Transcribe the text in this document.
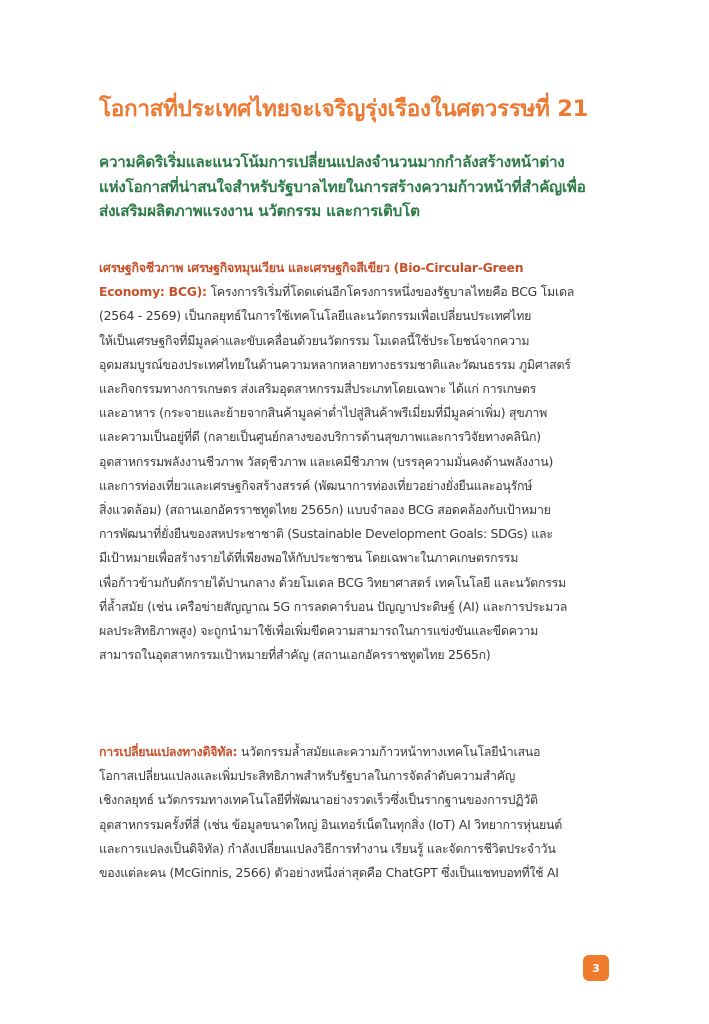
โอกาสที่ประเทศไทยจะเจริญรุ่งเรืองในศตวรรษที่ 21
ความคิดริเริ่มและแนวโน้มการเปลี่ยนแปลงจำนวนมากกำลังสร้างหน้าต่าง
แห่งโอกาสที่น่าสนใจสำหรับรัฐบาลไทยในการสร้างความก้าวหน้าที่สำคัญเพื่อ
ส่งเสริมผลิตภาพแรงงาน นวัตกรรม และการเติบโต
เศรษฐกิจชีวภาพ เศรษฐกิจหมุนเวียน และเศรษฐกิจสีเขียว (Bio-Circular-Green
Economy: BCG): โครงการริเริ่มที่โดดเด่นอีกโครงการหนึ่งของรัฐบาลไทยคือ BCG โมเดล
(2564 - 2569) เป็นกลยุทธ์ในการใช้เทคโนโลยีและนวัตกรรมเพื่อเปลี่ยนประเทศไทย
ให้เป็นเศรษฐกิจที่มีมูลค่าและขับเคลื่อนด้วยนวัตกรรม โมเดลนี้ใช้ประโยชน์จากความ
อุดมสมบูรณ์ของประเทศไทยในด้านความหลากหลายทางธรรมชาติและวัฒนธรรม ภูมิศาสตร์
และกิจกรรมทางการเกษตร ส่งเสริมอุตสาหกรรมสี่ประเภทโดยเฉพาะ ได้แก่ การเกษตร
และอาหาร (กระจายและย้ายจากสินค้ามูลค่าต่ำไปสู่สินค้าพรีเมี่ยมที่มีมูลค่าเพิ่ม) สุขภาพ
และความเป็นอยู่ที่ดี (กลายเป็นศูนย์กลางของบริการด้านสุขภาพและการวิจัยทางคลินิก)
อุตสาหกรรมพลังงานชีวภาพ วัสดุชีวภาพ และเคมีชีวภาพ (บรรลุความมั่นคงด้านพลังงาน)
และการท่องเที่ยวและเศรษฐกิจสร้างสรรค์ (พัฒนาการท่องเที่ยวอย่างยั่งยืนและอนุรักษ์
สิ่งแวดล้อม) (สถานเอกอัครราชทูตไทย 2565ก) แบบจำลอง BCG สอดคล้องกับเป้าหมาย
การพัฒนาที่ยั่งยืนของสหประชาชาติ (Sustainable Development Goals: SDGs) และ
มีเป้าหมายเพื่อสร้างรายได้ที่เพียงพอให้กับประชาชน โดยเฉพาะในภาคเกษตรกรรม
เพื่อก้าวข้ามกับดักรายได้ปานกลาง ด้วยโมเดล BCG วิทยาศาสตร์ เทคโนโลยี และนวัตกรรม
ที่ล้ำสมัย (เช่น เครือข่ายสัญญาณ 5G การลดคาร์บอน ปัญญาประดิษฐ์ (AI) และการประมวล
ผลประสิทธิภาพสูง) จะถูกนำมาใช้เพื่อเพิ่มขีดความสามารถในการแข่งขันและขีดความ
สามารถในอุตสาหกรรมเป้าหมายที่สำคัญ (สถานเอกอัครราชทูตไทย 2565ก)
การเปลี่ยนแปลงทางดิจิทัล: นวัตกรรมล้ำสมัยและความก้าวหน้าทางเทคโนโลยีนำเสนอ
โอกาสเปลี่ยนแปลงและเพิ่มประสิทธิภาพสำหรับรัฐบาลในการจัดลำดับความสำคัญ
เชิงกลยุทธ์ นวัตกรรมทางเทคโนโลยีที่พัฒนาอย่างรวดเร็วซึ่งเป็นรากฐานของการปฏิวัติ
อุตสาหกรรมครั้งที่สี่ (เช่น ข้อมูลขนาดใหญ่ อินเทอร์เน็ตในทุกสิ่ง (IoT) AI วิทยาการหุ่นยนต์
และการแปลงเป็นดิจิทัล) กำลังเปลี่ยนแปลงวิธีการทำงาน เรียนรู้ และจัดการชีวิตประจำวัน
ของแต่ละคน (McGinnis, 2566) ตัวอย่างหนึ่งล่าสุดคือ ChatGPT ซึ่งเป็นแชทบอทที่ใช้ AI
3
